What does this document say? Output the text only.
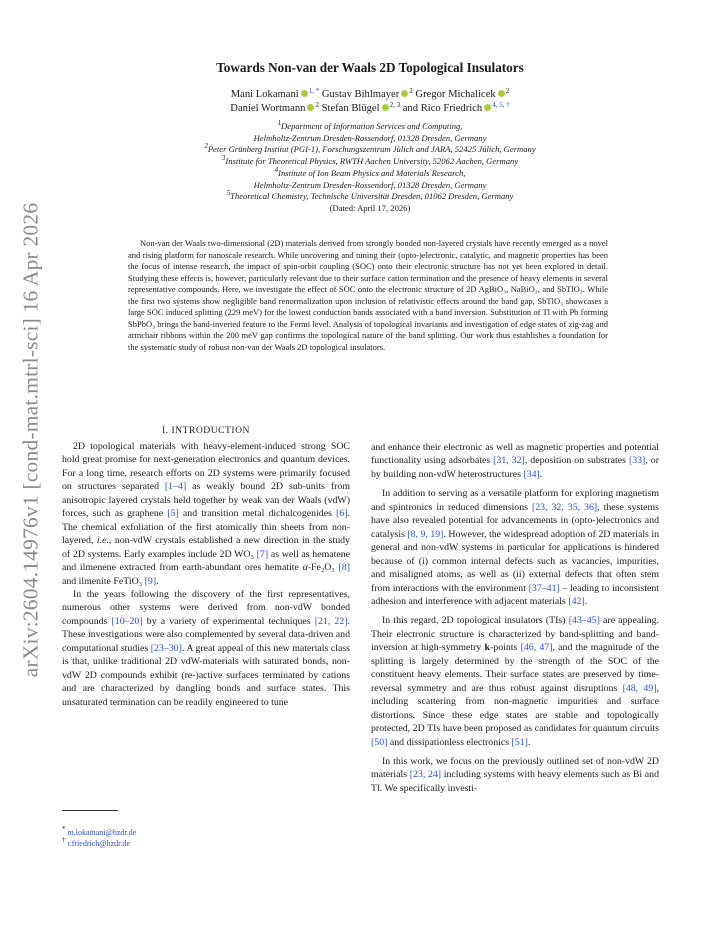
arXiv:2604.14976v1 [cond-mat.mtrl-sci] 16 Apr 2026
Towards Non-van der Waals 2D Topological Insulators
Mani Lokamani $^{1, *}$ Gustav Bihlmayer $^2$ Gregor Michalicek $^2$
Daniel Wortmann $^2$ Stefan Blügel $^{2, 3}$ and Rico Friedrich $^{4, 5, \dagger}$
$^1$Department of Information Services and Computing,
Helmholtz-Zentrum Dresden-Rossendorf, 01328 Dresden, Germany
$^2$Peter Grünberg Institut (PGI-1), Forschungszentrum Jülich and JARA, 52425 Jülich, Germany
$^3$Institute for Theoretical Physics, RWTH Aachen University, 52062 Aachen, Germany
$^4$Institute of Ion Beam Physics and Materials Research,
Helmholtz-Zentrum Dresden-Rossendorf, 01328 Dresden, Germany
$^5$Theoretical Chemistry, Technische Universität Dresden, 01062 Dresden, Germany
(Dated: April 17, 2026)
Non-van der Waals two-dimensional (2D) materials derived from strongly bonded non-layered crystals have recently emerged as a novel and rising platform for nanoscale research. While uncovering and tuning their (opto-)electronic, catalytic, and magnetic properties has been the focus of intense research, the impact of spin-orbit coupling (SOC) onto their electronic structure has not yet been explored in detail. Studying these effects is, however, particularly relevant due to their surface cation termination and the presence of heavy elements in several representative compounds. Here, we investigate the effect of SOC onto the electronic structure of 2D AgBiO₃, NaBiO₃, and SbTlO₃. While the first two systems show negligible band renormalization upon inclusion of relativistic effects around the band gap, SbTlO₃ showcases a large SOC induced splitting (229 meV) for the lowest conduction bands associated with a band inversion. Substitution of Tl with Pb forming SbPbO₃ brings the band-inverted feature to the Fermi level. Analysis of topological invariants and investigation of edge states of zig-zag and armchair ribbons within the 200 meV gap confirms the topological nature of the band splitting. Our work thus establishes a foundation for the systematic study of robust non-van der Waals 2D topological insulators.
I. INTRODUCTION

2D topological materials with heavy-element-induced strong SOC hold great promise for next-generation electronics and quantum devices. For a long time, research efforts on 2D systems were primarily focused on structures separated [1–4] as weakly bound 2D sub-units from anisotropic layered crystals held together by weak van der Waals (vdW) forces, such as graphene [5] and transition metal dichalcogenides [6]. The chemical exfoliation of the first atomically thin sheets from non-layered, i.e., non-vdW crystals established a new direction in the study of 2D systems. Early examples include 2D WO₃ [7] as well as hematene and ilmenene extracted from earth-abundant ores hematite α-Fe₂O₃ [8] and ilmenite FeTiO₃ [9].

In the years following the discovery of the first representatives, numerous other systems were derived from non-vdW bonded compounds [10–20] by a variety of experimental techniques [21, 22]. These investigations were also complemented by several data-driven and computational studies [23–30]. A great appeal of this new materials class is that, unlike traditional 2D vdW-materials with saturated bonds, non-vdW 2D compounds exhibit (re-)active surfaces terminated by cations and are characterized by dangling bonds and surface states. This unsaturated termination can be readily engineered to tune

* m.lokamani@hzdr.de
† r.friedrich@hzdr.de

and enhance their electronic as well as magnetic properties and potential functionality using adsorbates [31, 32], deposition on substrates [33], or by building non-vdW heterostructures [34].

In addition to serving as a versatile platform for exploring magnetism and spintronics in reduced dimensions [23, 32, 35, 36], these systems have also revealed potential for advancements in (opto-)electronics and catalysis [8, 9, 19]. However, the widespread adoption of 2D materials in general and non-vdW systems in particular for applications is hindered because of (i) common internal defects such as vacancies, impurities, and misaligned atoms, as well as (ii) external defects that often stem from interactions with the environment [37–41] – leading to inconsistent adhesion and interference with adjacent materials [42].

In this regard, 2D topological insulators (TIs) [43–45] are appealing. Their electronic structure is characterized by band-splitting and band-inversion at high-symmetry k-points [46, 47], and the magnitude of the splitting is largely determined by the strength of the SOC of the constituent heavy elements. Their surface states are preserved by time-reversal symmetry and are thus robust against disruptions [48, 49], including scattering from non-magnetic impurities and surface distortions. Since these edge states are stable and topologically protected, 2D TIs have been proposed as candidates for quantum circuits [50] and dissipationless electronics [51].

In this work, we focus on the previously outlined set of non-vdW 2D materials [23, 24] including systems with heavy elements such as Bi and Tl. We specifically investi-
